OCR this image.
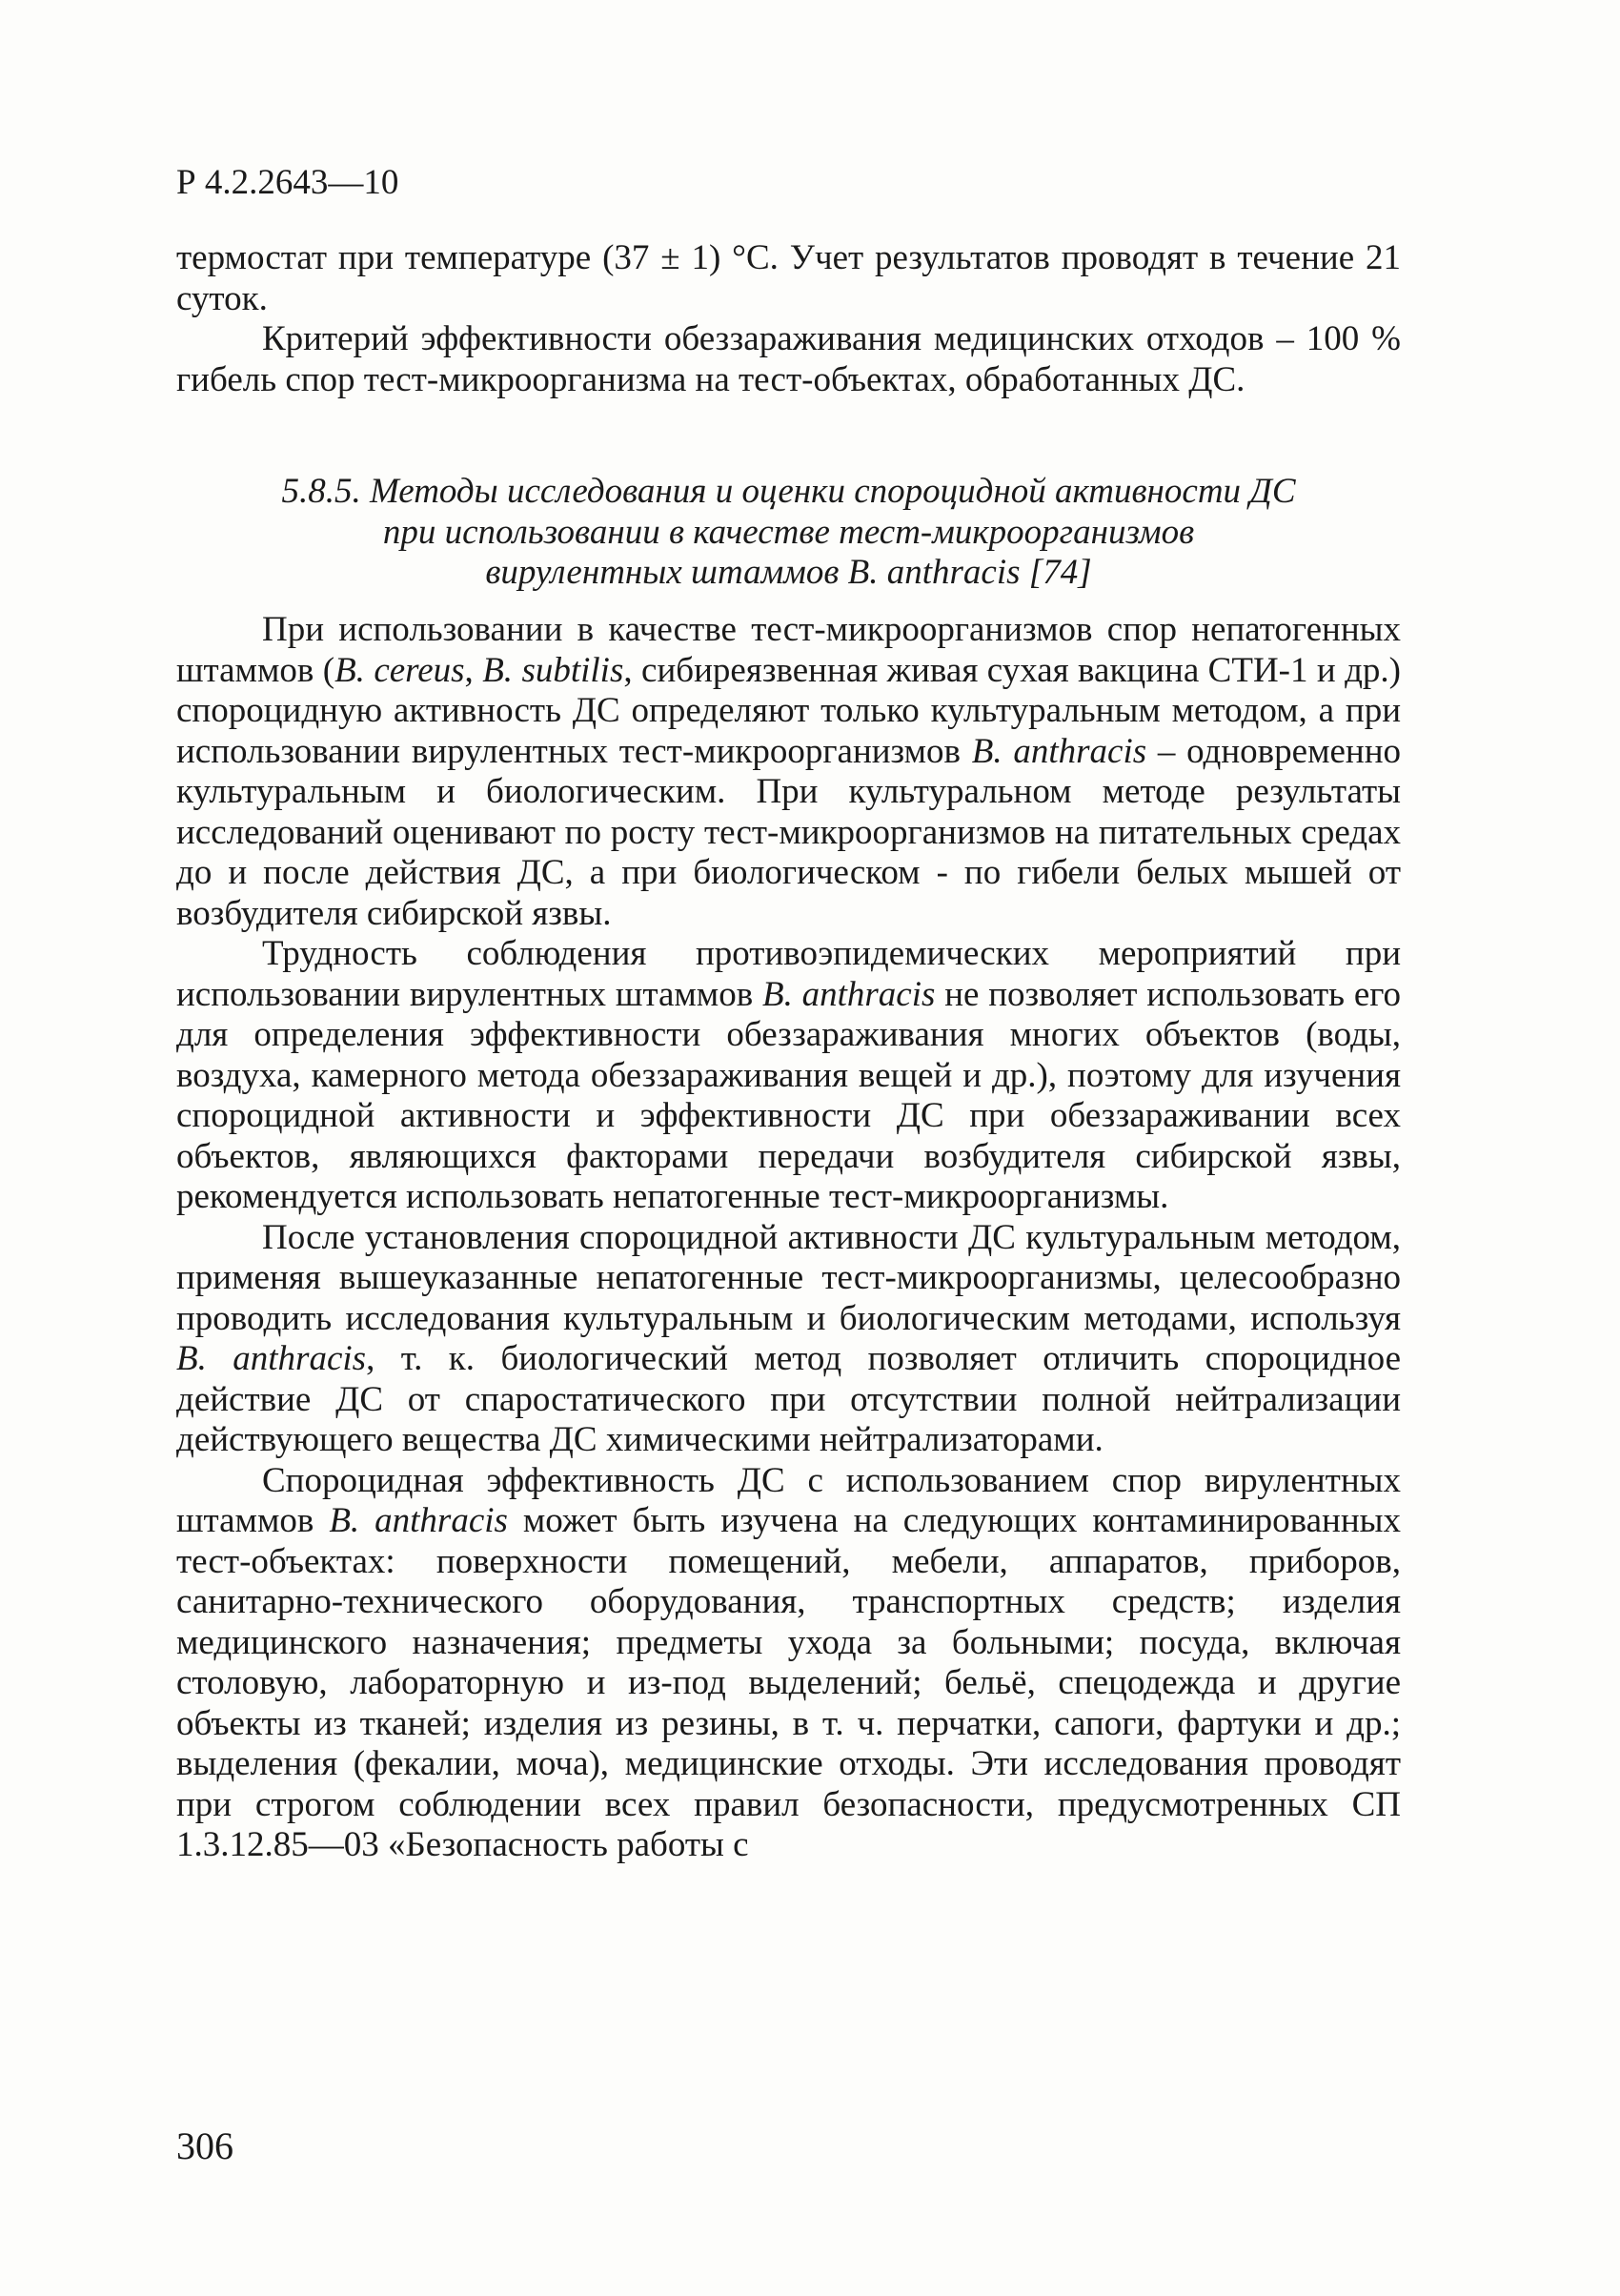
Р 4.2.2643—10

термостат при температуре (37 ± 1) °С. Учет результатов проводят в течение 21 суток.

Критерий эффективности обеззараживания медицинских отходов – 100 % гибель спор тест-микроорганизма на тест-объектах, обработанных ДС.

5.8.5. Методы исследования и оценки спороцидной активности ДС
при использовании в качестве тест-микроорганизмов
вирулентных штаммов B. anthracis [74]

При использовании в качестве тест-микроорганизмов спор непатогенных штаммов (B. cereus, B. subtilis, сибиреязвенная живая сухая вакцина СТИ-1 и др.) спороцидную активность ДС определяют только культуральным методом, а при использовании вирулентных тест-микроорганизмов B. anthracis – одновременно культуральным и биологическим. При культуральном методе результаты исследований оценивают по росту тест-микроорганизмов на питательных средах до и после действия ДС, а при биологическом - по гибели белых мышей от возбудителя сибирской язвы.

Трудность соблюдения противоэпидемических мероприятий при использовании вирулентных штаммов B. anthracis не позволяет использовать его для определения эффективности обеззараживания многих объектов (воды, воздуха, камерного метода обеззараживания вещей и др.), поэтому для изучения спороцидной активности и эффективности ДС при обеззараживании всех объектов, являющихся факторами передачи возбудителя сибирской язвы, рекомендуется использовать непатогенные тест-микроорганизмы.

После установления спороцидной активности ДС культуральным методом, применяя вышеуказанные непатогенные тест-микроорганизмы, целесообразно проводить исследования культуральным и биологическим методами, используя B. anthracis, т. к. биологический метод позволяет отличить спороцидное действие ДС от спаростатического при отсутствии полной нейтрализации действующего вещества ДС химическими нейтрализаторами.

Спороцидная эффективность ДС с использованием спор вирулентных штаммов B. anthracis может быть изучена на следующих контаминированных тест-объектах: поверхности помещений, мебели, аппаратов, приборов, санитарно-технического оборудования, транспортных средств; изделия медицинского назначения; предметы ухода за больными; посуда, включая столовую, лабораторную и из-под выделений; бельё, спецодежда и другие объекты из тканей; изделия из резины, в т. ч. перчатки, сапоги, фартуки и др.; выделения (фекалии, моча), медицинские отходы. Эти исследования проводят при строгом соблюдении всех правил безопасности, предусмотренных СП 1.3.12.85—03 «Безопасность работы с

306
